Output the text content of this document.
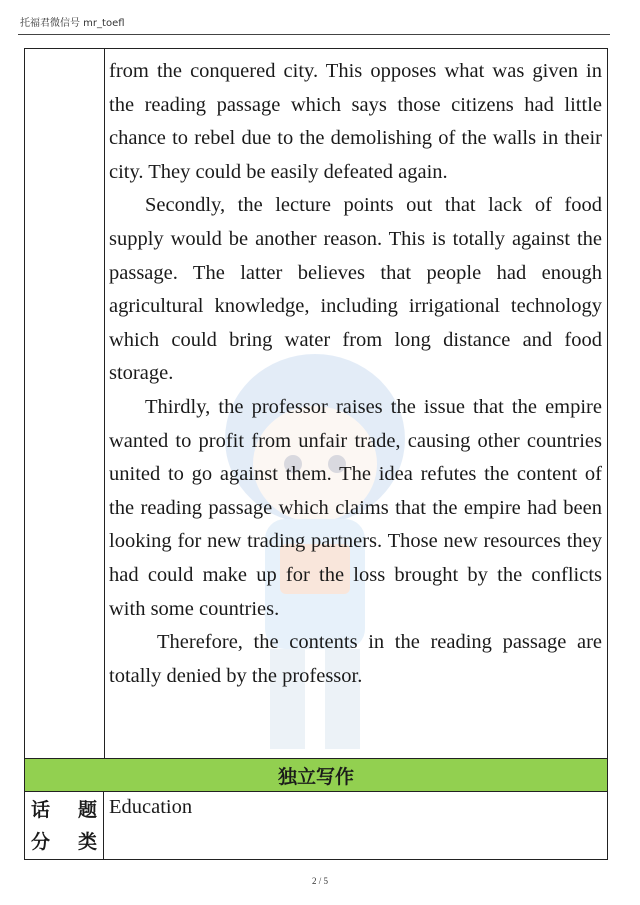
托福君微信号 mr_toefl

from the conquered city. This opposes what was given in the reading passage which says those citizens had little chance to rebel due to the demolishing of the walls in their city. They could be easily defeated again.

Secondly, the lecture points out that lack of food supply would be another reason. This is totally against the passage. The latter believes that people had enough agricultural knowledge, including irrigational technology which could bring water from long distance and food storage.

Thirdly, the professor raises the issue that the empire wanted to profit from unfair trade, causing other countries united to go against them. The idea refutes the content of the reading passage which claims that the empire had been looking for new trading partners. Those new resources they had could make up for the loss brought by the conflicts with some countries.

Therefore, the contents in the reading passage are totally denied by the professor.

独立写作
话 题 分类
Education
2 / 5
